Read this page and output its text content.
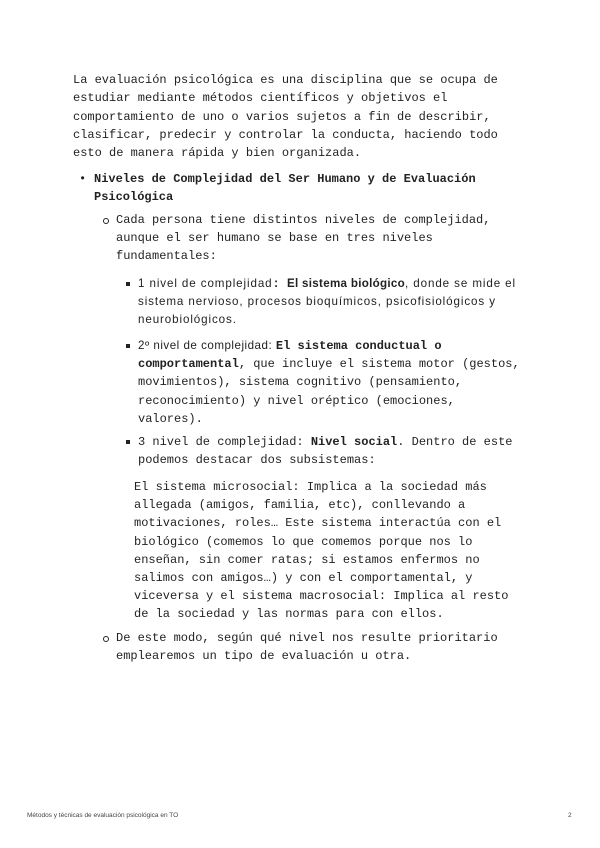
La evaluación psicológica es una disciplina que se ocupa de estudiar mediante métodos científicos y objetivos el comportamiento de uno o varios sujetos a fin de describir, clasificar, predecir y controlar la conducta, haciendo todo esto de manera rápida y bien organizada.

• Niveles de Complejidad del Ser Humano y de Evaluación Psicológica

Cada persona tiene distintos niveles de complejidad, aunque el ser humano se base en tres niveles fundamentales:

1 nivel de complejidad: El sistema biológico, donde se mide el sistema nervioso, procesos bioquímicos, psicofisiológicos y neurobiológicos.

2º nivel de complejidad: El sistema conductual o comportamental, que incluye el sistema motor (gestos, movimientos), sistema cognitivo (pensamiento, reconocimiento) y nivel oréptico (emociones, valores).

3 nivel de complejidad: Nivel social. Dentro de este podemos destacar dos subsistemas:

El sistema microsocial: Implica a la sociedad más allegada (amigos, familia, etc), conllevando a motivaciones, roles… Este sistema interactúa con el biológico (comemos lo que comemos porque nos lo enseñan, sin comer ratas; si estamos enfermos no salimos con amigos…) y con el comportamental, y viceversa y el sistema macrosocial: Implica al resto de la sociedad y las normas para con ellos.

De este modo, según qué nivel nos resulte prioritario emplearemos un tipo de evaluación u otra.

Métodos y técnicas de evaluación psicológica en TO	2
